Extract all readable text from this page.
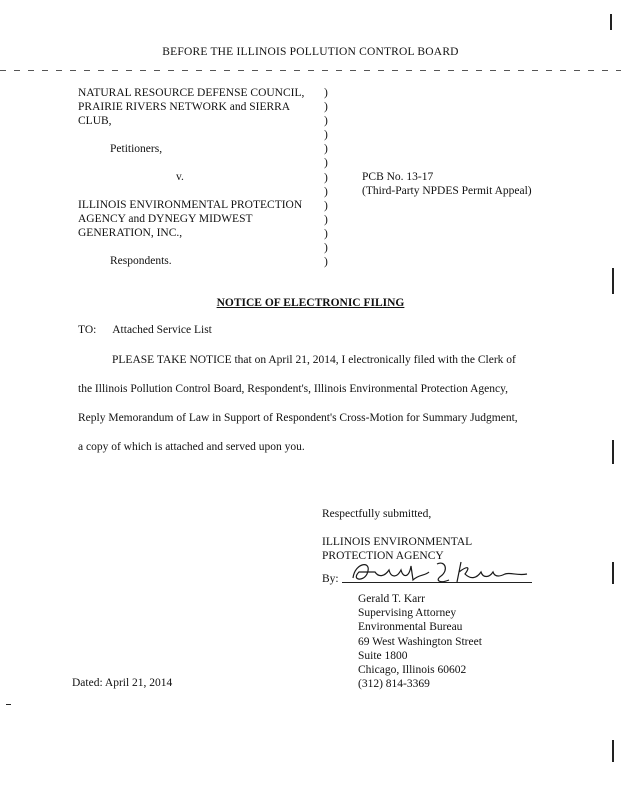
BEFORE THE ILLINOIS POLLUTION CONTROL BOARD
NATURAL RESOURCE DEFENSE COUNCIL,
PRAIRIE RIVERS NETWORK and SIERRA
CLUB,
Petitioners,
v.
ILLINOIS ENVIRONMENTAL PROTECTION
AGENCY and DYNEGY MIDWEST
GENERATION, INC.,
Respondents.
)
)
)
)
)
)
)
)
)
)
)
)
)
PCB No. 13-17
(Third-Party NPDES Permit Appeal)
NOTICE OF ELECTRONIC FILING
TO: Attached Service List
PLEASE TAKE NOTICE that on April 21, 2014, I electronically filed with the Clerk of
the Illinois Pollution Control Board, Respondent's, Illinois Environmental Protection Agency,
Reply Memorandum of Law in Support of Respondent's Cross-Motion for Summary Judgment,
a copy of which is attached and served upon you.
Respectfully submitted,
ILLINOIS ENVIRONMENTAL
PROTECTION AGENCY
By:
Gerald T. Karr
Supervising Attorney
Environmental Bureau
69 West Washington Street
Suite 1800
Chicago, Illinois 60602
(312) 814-3369
Dated: April 21, 2014
